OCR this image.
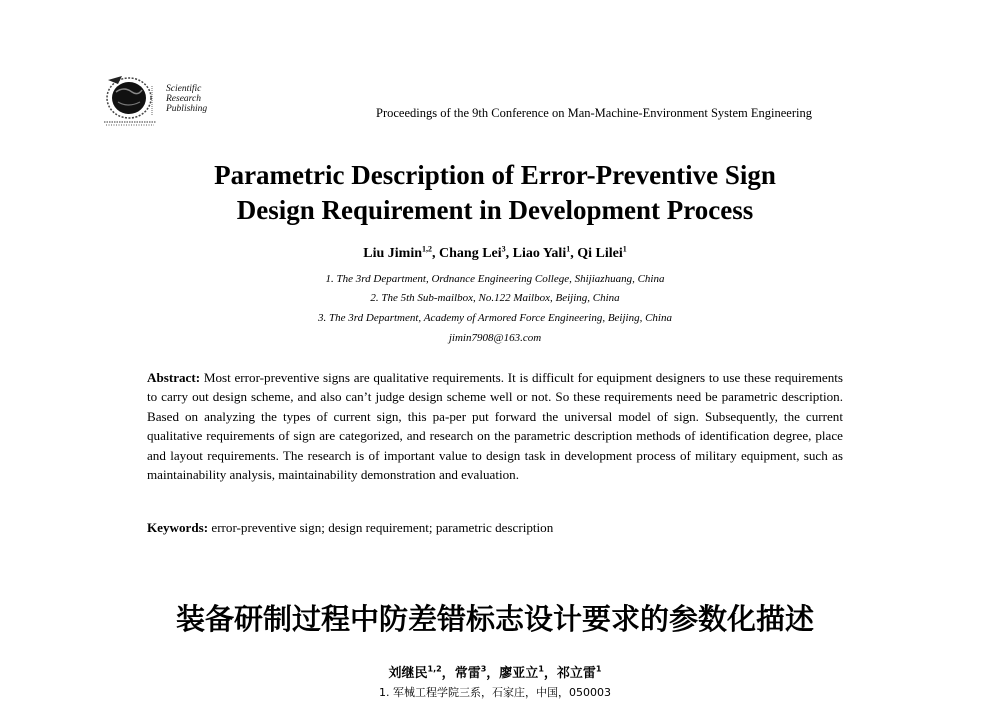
Scientific
Research
Publishing	Proceedings of the 9th Conference on Man-Machine-Environment System Engineering
Parametric Description of Error-Preventive Sign
Design Requirement in Development Process
Liu Jimin$^{1,2}$, Chang Lei$^3$, Liao Yali$^1$, Qi Lilei$^1$
1. The 3rd Department, Ordnance Engineering College, Shijiazhuang, China
2. The 5th Sub-mailbox, No.122 Mailbox, Beijing, China
3. The 3rd Department, Academy of Armored Force Engineering, Beijing, China
jimin7908@163.com
Abstract: Most error-preventive signs are qualitative requirements. It is difficult for equipment designers to use these requirements to carry out design scheme, and also can’t judge design scheme well or not. So these requirements need be parametric description. Based on analyzing the types of current sign, this pa-per put forward the universal model of sign. Subsequently, the current qualitative requirements of sign are categorized, and research on the parametric description methods of identification degree, place and layout requirements. The research is of important value to design task in development process of military equipment, such as maintainability analysis, maintainability demonstration and evaluation.
Keywords: error-preventive sign; design requirement; parametric description
装备研制过程中防差错标志设计要求的参数化描述
刘继民$^{1,2}$，常雷$^3$，廖亚立$^1$，祁立雷$^1$
1. 军械工程学院三系，石家庄，中国，050003
